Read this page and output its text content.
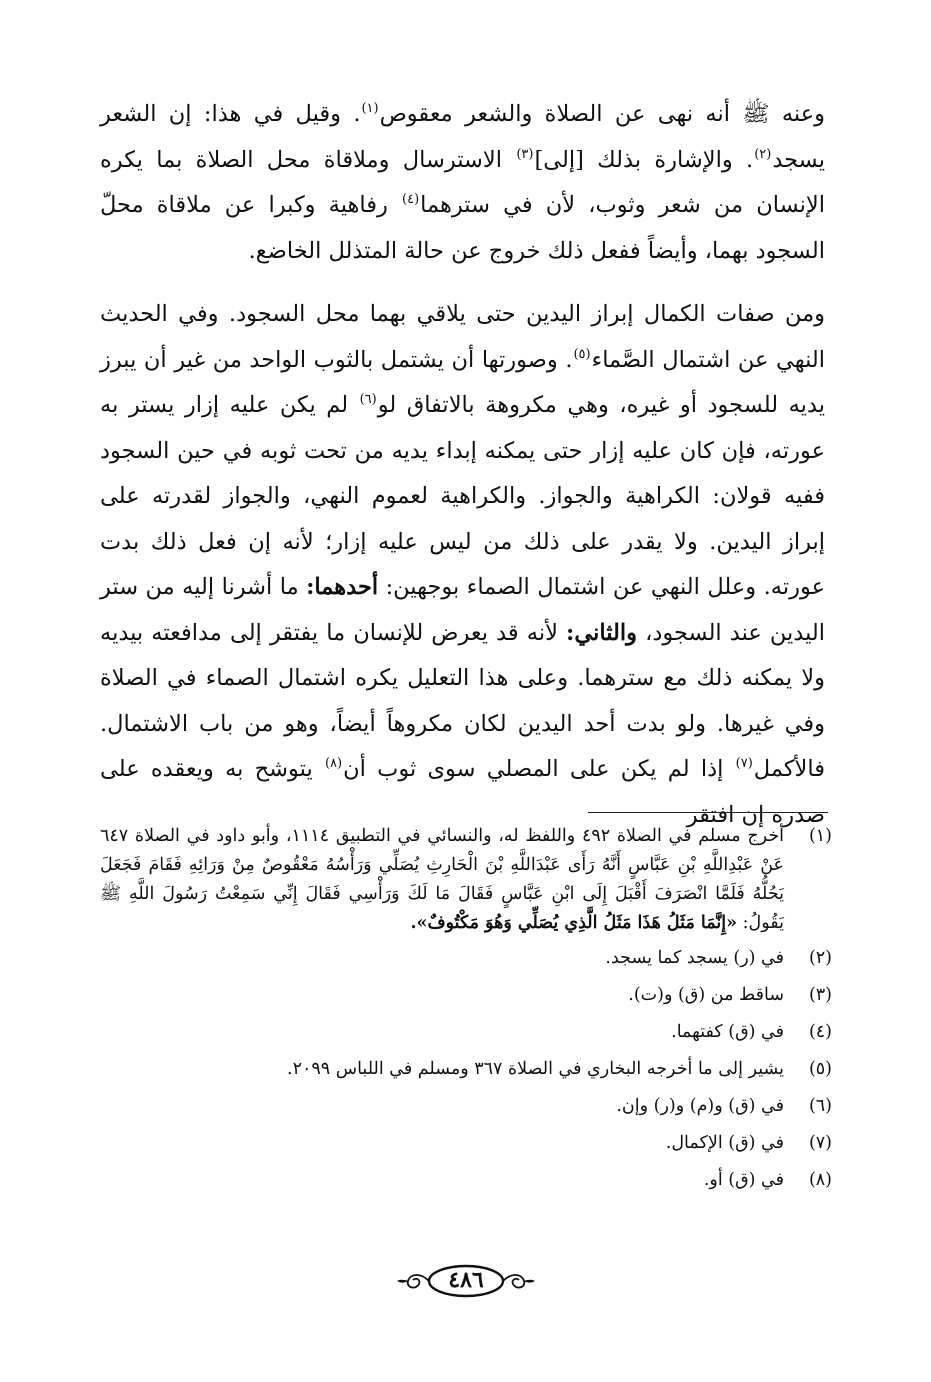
وعنه ﷺ أنه نهى عن الصلاة والشعر معقوص$^{(١)}$. وقيل في هذا: إن الشعر يسجد$^{(٢)}$. والإشارة بذلك [إلى]$^{(٣)}$ الاسترسال وملاقاة محل الصلاة بما يكره الإنسان من شعر وثوب، لأن في سترهما$^{(٤)}$ رفاهية وكبرا عن ملاقاة محلّ السجود بهما، وأيضاً ففعل ذلك خروج عن حالة المتذلل الخاضع.

ومن صفات الكمال إبراز اليدين حتى يلاقي بهما محل السجود. وفي الحديث النهي عن اشتمال الصَّماء$^{(٥)}$. وصورتها أن يشتمل بالثوب الواحد من غير أن يبرز يديه للسجود أو غيره، وهي مكروهة بالاتفاق لو$^{(٦)}$ لم يكن عليه إزار يستر به عورته، فإن كان عليه إزار حتى يمكنه إبداء يديه من تحت ثوبه في حين السجود ففيه قولان: الكراهية والجواز. والكراهية لعموم النهي، والجواز لقدرته على إبراز اليدين. ولا يقدر على ذلك من ليس عليه إزار؛ لأنه إن فعل ذلك بدت عورته. وعلل النهي عن اشتمال الصماء بوجهين: أحدهما: ما أشرنا إليه من ستر اليدين عند السجود، والثاني: لأنه قد يعرض للإنسان ما يفتقر إلى مدافعته بيديه ولا يمكنه ذلك مع سترهما. وعلى هذا التعليل يكره اشتمال الصماء في الصلاة وفي غيرها. ولو بدت أحد اليدين لكان مكروهاً أيضاً، وهو من باب الاشتمال. فالأكمل$^{(٧)}$ إذا لم يكن على المصلي سوى ثوب أن$^{(٨)}$ يتوشح به ويعقده على صدره إن افتقر

(١)
أخرج مسلم في الصلاة ٤٩٢ واللفظ له، والنسائي في التطبيق ١١١٤، وأبو داود في الصلاة ٦٤٧ عَنْ عَبْدِاللَّهِ بْنِ عَبَّاسٍ أَنَّهُ رَأَى عَبْدَاللَّهِ بْنَ الْحَارِثِ يُصَلِّي وَرَأْسُهُ مَعْقُوصٌ مِنْ وَرَائِهِ فَقَامَ فَجَعَلَ يَحُلُّهُ فَلَمَّا انْصَرَفَ أَقْبَلَ إِلَى ابْنِ عَبَّاسٍ فَقَالَ مَا لَكَ وَرَأْسِي فَقَالَ إِنِّي سَمِعْتُ رَسُولَ اللَّهِ ﷺ يَقُولُ: «إِنَّمَا مَثَلُ هَذَا مَثَلُ الَّذِي يُصَلِّي وَهُوَ مَكْتُوفٌ».
(٢)
في (ر) يسجد كما يسجد.
(٣)
ساقط من (ق) و(ت).
(٤)
في (ق) كفتهما.
(٥)
يشير إلى ما أخرجه البخاري في الصلاة ٣٦٧ ومسلم في اللباس ٢٠٩٩.
(٦)
في (ق) و(م) و(ر) وإن.
(٧)
في (ق) الإكمال.
(٨)
في (ق) أو.
٤٨٦
